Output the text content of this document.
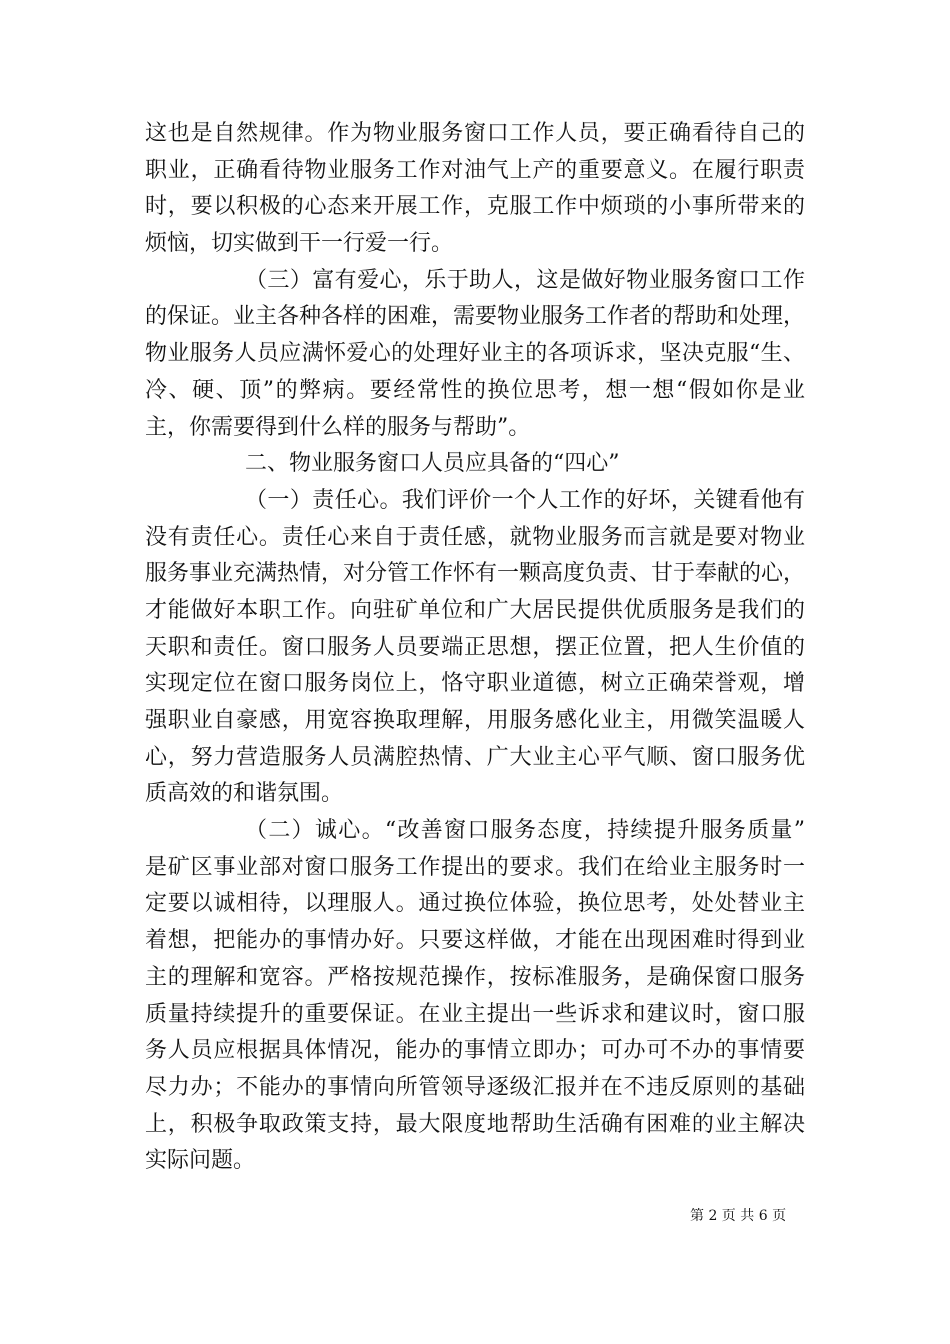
这也是自然规律。作为物业服务窗口工作人员，要正确看待自己的
职业，正确看待物业服务工作对油气上产的重要意义。在履行职责
时，要以积极的心态来开展工作，克服工作中烦琐的小事所带来的
烦恼，切实做到干一行爱一行。
（三）富有爱心，乐于助人，这是做好物业服务窗口工作
的保证。业主各种各样的困难，需要物业服务工作者的帮助和处理，
物业服务人员应满怀爱心的处理好业主的各项诉求，坚决克服“生、
冷、硬、顶”的弊病。要经常性的换位思考，想一想“假如你是业
主，你需要得到什么样的服务与帮助”。
二、物业服务窗口人员应具备的“四心”
（一）责任心。我们评价一个人工作的好坏，关键看他有
没有责任心。责任心来自于责任感，就物业服务而言就是要对物业
服务事业充满热情，对分管工作怀有一颗高度负责、甘于奉献的心，
才能做好本职工作。向驻矿单位和广大居民提供优质服务是我们的
天职和责任。窗口服务人员要端正思想，摆正位置，把人生价值的
实现定位在窗口服务岗位上，恪守职业道德，树立正确荣誉观，增
强职业自豪感，用宽容换取理解，用服务感化业主，用微笑温暖人
心，努力营造服务人员满腔热情、广大业主心平气顺、窗口服务优
质高效的和谐氛围。
（二）诚心。“改善窗口服务态度，持续提升服务质量”
是矿区事业部对窗口服务工作提出的要求。我们在给业主服务时一
定要以诚相待，以理服人。通过换位体验，换位思考，处处替业主
着想，把能办的事情办好。只要这样做，才能在出现困难时得到业
主的理解和宽容。严格按规范操作，按标准服务，是确保窗口服务
质量持续提升的重要保证。在业主提出一些诉求和建议时，窗口服
务人员应根据具体情况，能办的事情立即办；可办可不办的事情要
尽力办；不能办的事情向所管领导逐级汇报并在不违反原则的基础
上，积极争取政策支持，最大限度地帮助生活确有困难的业主解决
实际问题。
第 2 页 共 6 页
